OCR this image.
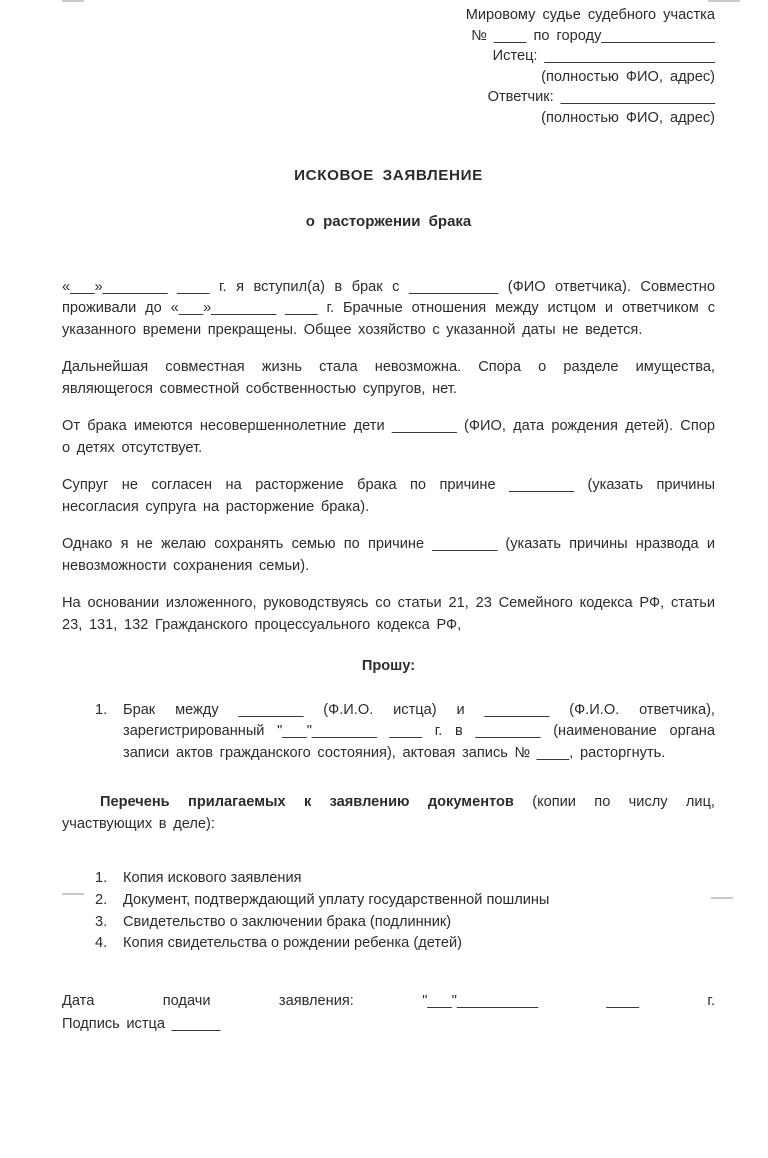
Мировому судье судебного участка
№ ____ по городу______________
Истец: _____________________
(полностью ФИО, адрес)
Ответчик: ___________________
(полностью ФИО, адрес)
ИСКОВОЕ ЗАЯВЛЕНИЕ
о расторжении брака

«___»________ ____ г. я вступил(а) в брак с ___________ (ФИО ответчика). Совместно проживали до «___»________ ____ г. Брачные отношения между истцом и ответчиком с указанного времени прекращены. Общее хозяйство с указанной даты не ведется.

Дальнейшая совместная жизнь стала невозможна. Спора о разделе имущества, являющегося совместной собственностью супругов, нет.

От брака имеются несовершеннолетние дети ________ (ФИО, дата рождения детей). Спор о детях отсутствует.

Супруг не согласен на расторжение брака по причине ________ (указать причины несогласия супруга на расторжение брака).

Однако я не желаю сохранять семью по причине ________ (указать причины нразвода и невозможности сохранения семьи).

На основании изложенного, руководствуясь со статьи 21, 23 Семейного кодекса РФ, статьи 23, 131, 132 Гражданского процессуального кодекса РФ,

Прошу:
1.	Брак между ________ (Ф.И.О. истца) и ________ (Ф.И.О. ответчика), зарегистрированный "___"________ ____ г. в ________ (наименование органа записи актов гражданского состояния), актовая запись № ____, расторгнуть.

Перечень прилагаемых к заявлению документов (копии по числу лиц, участвующих в деле):

1.	Копия искового заявления
2.	Документ, подтверждающий уплату государственной пошлины
3.	Свидетельство о заключении брака (подлинник)
4.	Копия свидетельства о рождении ребенка (детей)
Дата подачи заявления: "___"__________ ____ г.
Подпись истца ______
